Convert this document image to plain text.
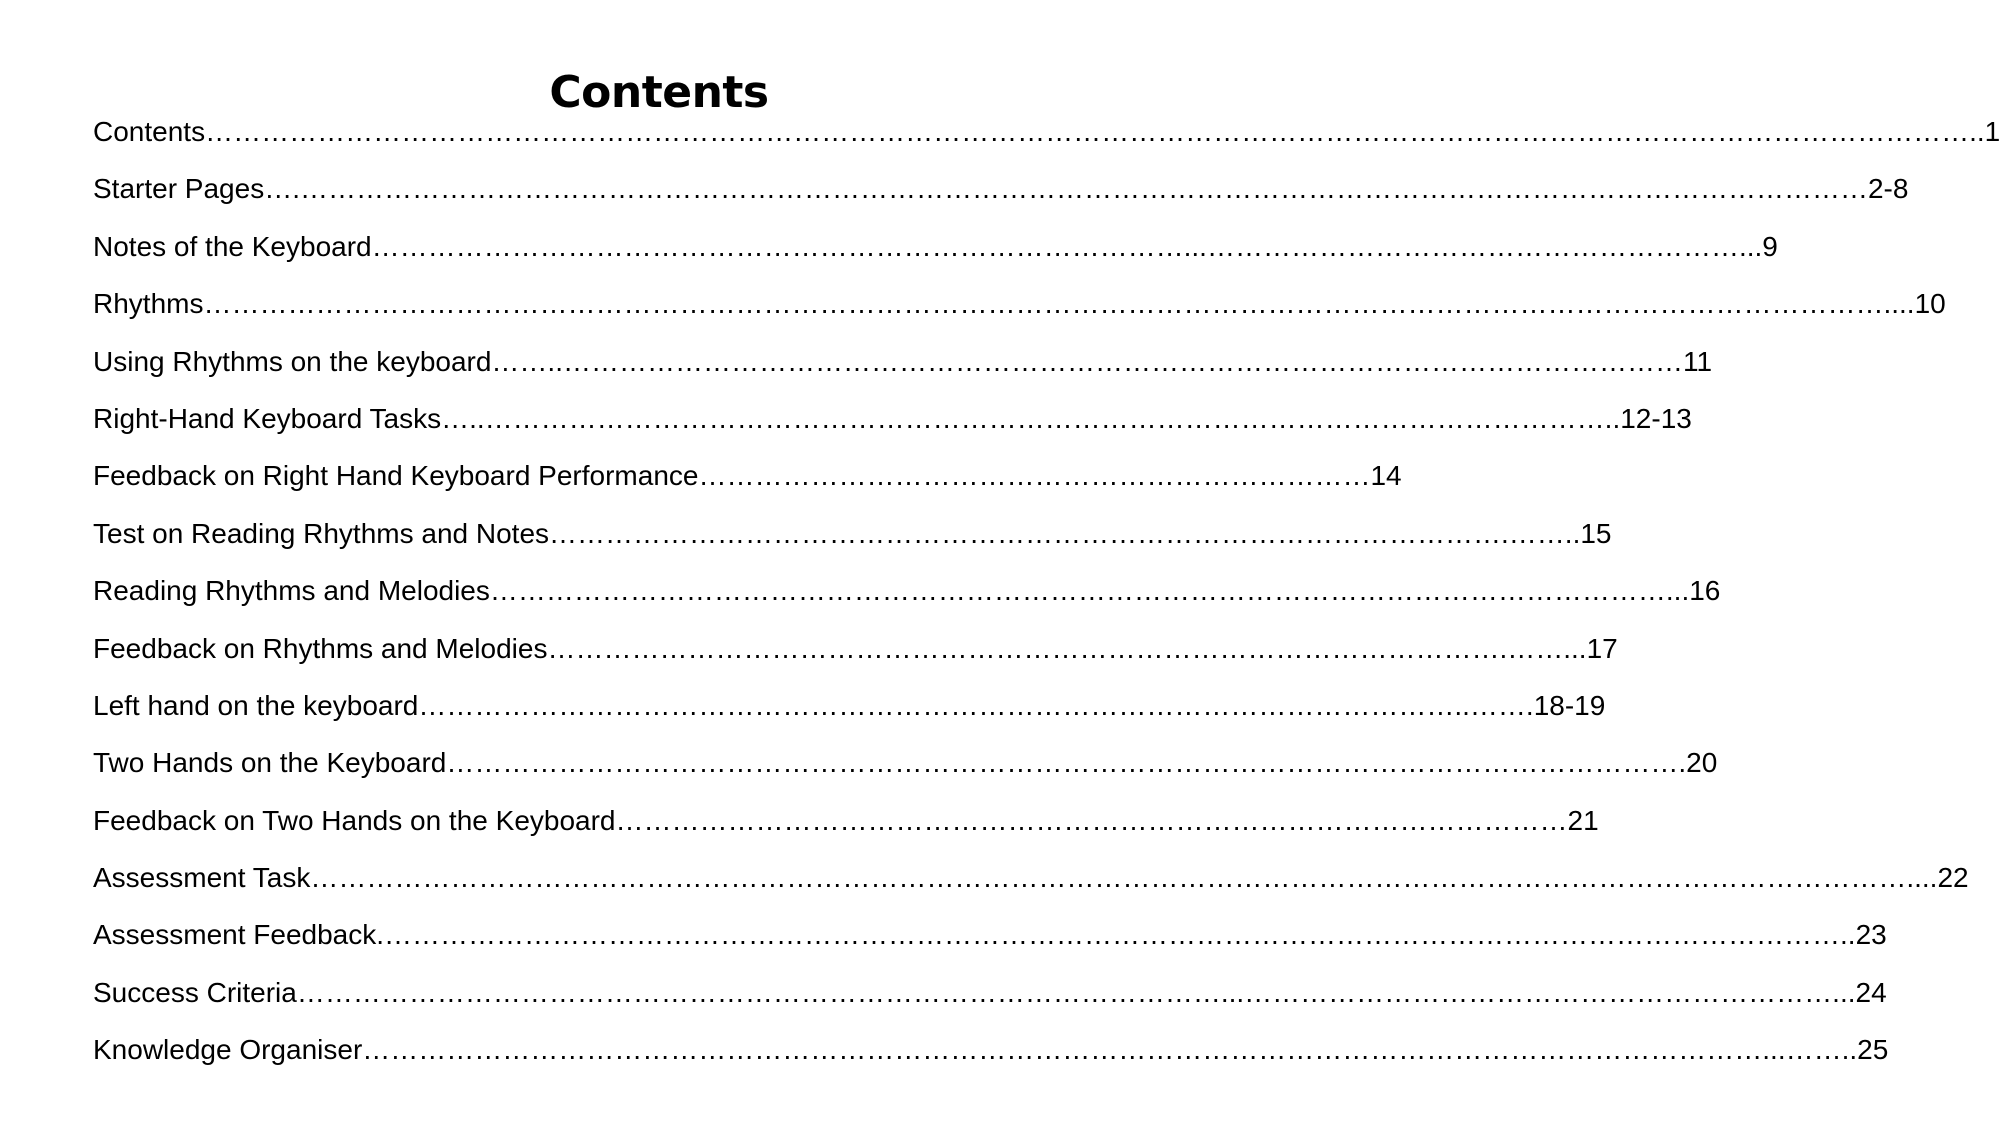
Contents
Contents………………………………………………………………………………………………………………………………………………………………………..1
Starter Pages….……………………………………………………………………………………………………………………………………………………2-8
Notes of the Keyboard……………………………………………………………………………...…………………………………………………...9
Rhythms………………………………………………………………………………………………………………………………………………………………....10
Using Rhythms on the keyboard……..…………………………………………………………………………………………………………11
Right-Hand Keyboard Tasks…..…………………………………………………………………………………………………………..12-13
Feedback on Right Hand Keyboard Performance………………………………………………………………14
Test on Reading Rhythms and Notes………………………………………………………………………………………….……..15
Reading Rhythms and Melodies………………………………………………………………………………………………………………...16
Feedback on Rhythms and Melodies………………………………………………………………………………………….……...17
Left hand on the keyboard…………………………………………………………………………………………………..…….18-19
Two Hands on the Keyboard…………………………………………………………………………………………………………………….20
Feedback on Two Hands on the Keyboard…………………………………………………………………………………………21
Assessment Task………………………………………………………………………………………………………………………………………………………....22
Assessment Feedback.…………………………………………………………………………………………………………………………………………..23
Success Criteria………………………………………………………………………………………...………………………………………………………...24
Knowledge Organiser……………………………………………………………………………………………………………………………………...……..25
